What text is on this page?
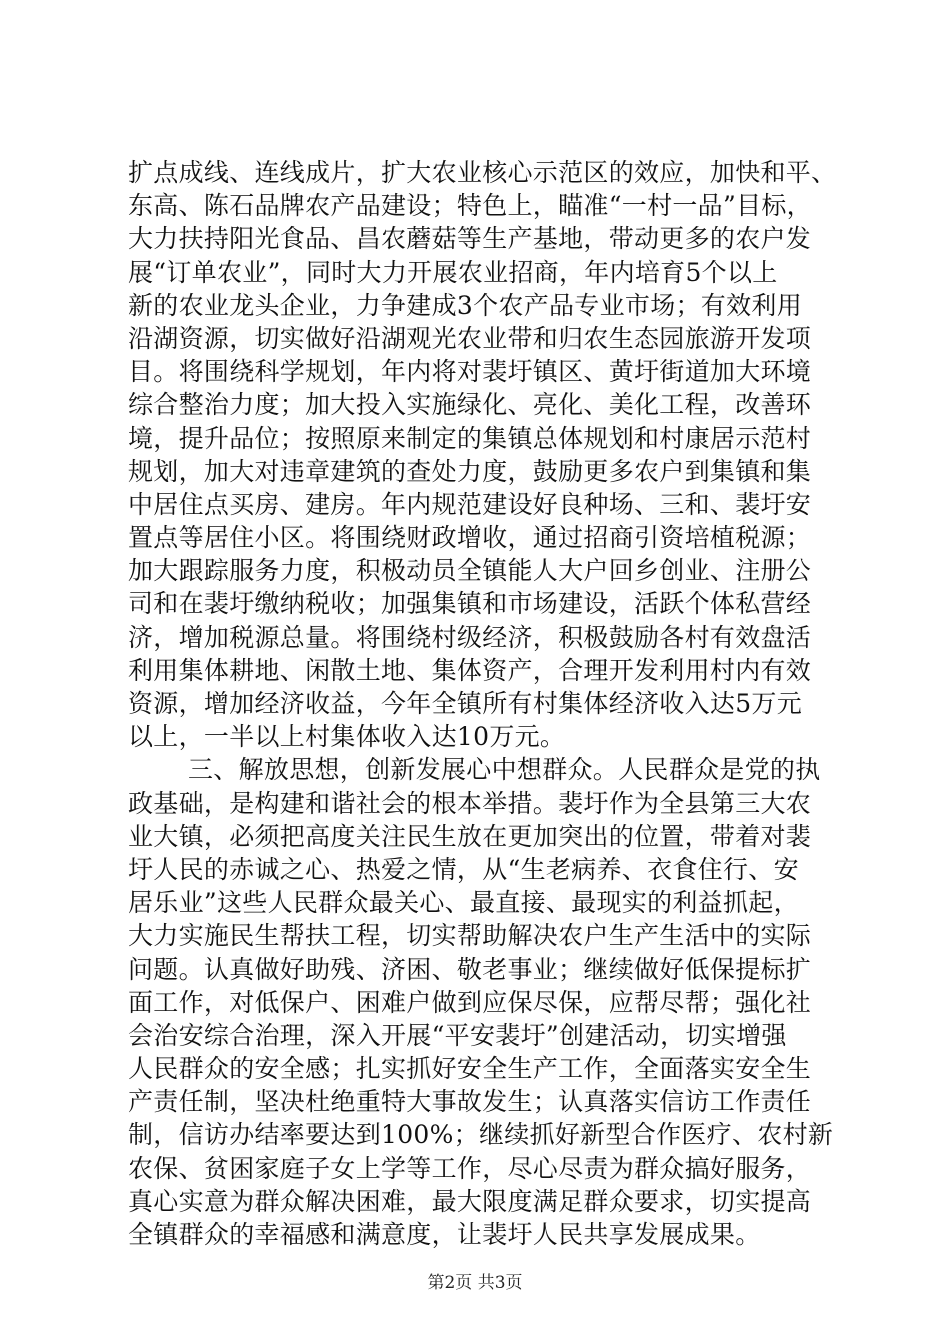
扩点成线、连线成片，扩大农业核心示范区的效应，加快和平、
东高、陈石品牌农产品建设；特色上，瞄准“一村一品”目标，
大力扶持阳光食品、昌农蘑菇等生产基地，带动更多的农户发
展“订单农业”，同时大力开展农业招商，年内培育5个以上
新的农业龙头企业，力争建成3个农产品专业市场；有效利用
沿湖资源，切实做好沿湖观光农业带和归农生态园旅游开发项
目。将围绕科学规划，年内将对裴圩镇区、黄圩街道加大环境
综合整治力度；加大投入实施绿化、亮化、美化工程，改善环
境，提升品位；按照原来制定的集镇总体规划和村康居示范村
规划，加大对违章建筑的查处力度，鼓励更多农户到集镇和集
中居住点买房、建房。年内规范建设好良种场、三和、裴圩安
置点等居住小区。将围绕财政增收，通过招商引资培植税源；
加大跟踪服务力度，积极动员全镇能人大户回乡创业、注册公
司和在裴圩缴纳税收；加强集镇和市场建设，活跃个体私营经
济，增加税源总量。将围绕村级经济，积极鼓励各村有效盘活
利用集体耕地、闲散土地、集体资产，合理开发利用村内有效
资源，增加经济收益，今年全镇所有村集体经济收入达5万元
以上，一半以上村集体收入达10万元。
三、解放思想，创新发展心中想群众。人民群众是党的执
政基础，是构建和谐社会的根本举措。裴圩作为全县第三大农
业大镇，必须把高度关注民生放在更加突出的位置，带着对裴
圩人民的赤诚之心、热爱之情，从“生老病养、衣食住行、安
居乐业”这些人民群众最关心、最直接、最现实的利益抓起，
大力实施民生帮扶工程，切实帮助解决农户生产生活中的实际
问题。认真做好助残、济困、敬老事业；继续做好低保提标扩
面工作，对低保户、困难户做到应保尽保，应帮尽帮；强化社
会治安综合治理，深入开展“平安裴圩”创建活动，切实增强
人民群众的安全感；扎实抓好安全生产工作，全面落实安全生
产责任制，坚决杜绝重特大事故发生；认真落实信访工作责任
制，信访办结率要达到100%；继续抓好新型合作医疗、农村新
农保、贫困家庭子女上学等工作，尽心尽责为群众搞好服务，
真心实意为群众解决困难，最大限度满足群众要求，切实提高
全镇群众的幸福感和满意度，让裴圩人民共享发展成果。
第2页 共3页
